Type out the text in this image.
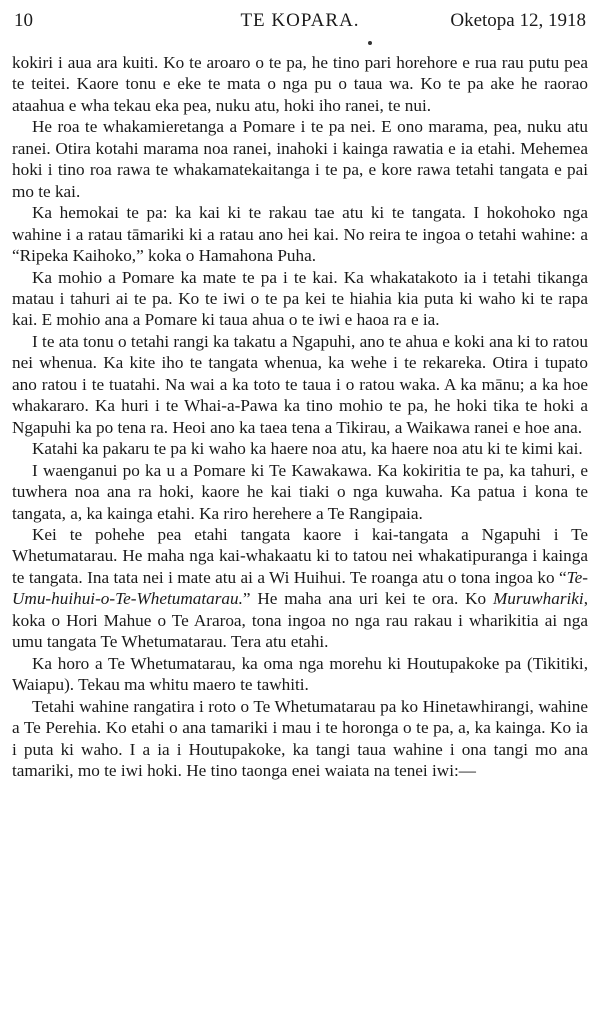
10	TE KOPARA.	Oketopa 12, 1918

kokiri i aua ara kuiti. Ko te aroaro o te pa, he tino pari horehore e rua rau putu pea te teitei. Kaore tonu e eke te mata o nga pu o taua wa. Ko te pa ake he raorao ataahua e wha tekau eka pea, nuku atu, hoki iho ranei, te nui.

He roa te whakamieretanga a Pomare i te pa nei. E ono marama, pea, nuku atu ranei. Otira kotahi marama noa ranei, inahoki i kainga rawatia e ia etahi. Mehemea hoki i tino roa rawa te whakamatekaitanga i te pa, e kore rawa tetahi tangata e pai mo te kai.

Ka hemokai te pa: ka kai ki te rakau tae atu ki te tangata. I hokohoko nga wahine i a ratau tāmariki ki a ratau ano hei kai. No reira te ingoa o tetahi wahine: a “Ripeka Kaihoko,” koka o Hamahona Puha.

Ka mohio a Pomare ka mate te pa i te kai. Ka whakatakoto ia i tetahi tikanga matau i tahuri ai te pa. Ko te iwi o te pa kei te hiahia kia puta ki waho ki te rapa kai. E mohio ana a Pomare ki taua ahua o te iwi e haoa ra e ia.

I te ata tonu o tetahi rangi ka takatu a Ngapuhi, ano te ahua e koki ana ki to ratou nei whenua. Ka kite iho te tangata whenua, ka wehe i te rekareka. Otira i tupato ano ratou i te tuatahi. Na wai a ka toto te taua i o ratou waka. A ka mānu; a ka hoe whakararo. Ka huri i te Whai-a-Pawa ka tino mohio te pa, he hoki tika te hoki a Ngapuhi ka po tena ra. Heoi ano ka taea tena a Tikirau, a Waikawa ranei e hoe ana.

Katahi ka pakaru te pa ki waho ka haere noa atu, ka haere noa atu ki te kimi kai.

I waenganui po ka u a Pomare ki Te Kawakawa. Ka kokiritia te pa, ka tahuri, e tuwhera noa ana ra hoki, kaore he kai tiaki o nga kuwaha. Ka patua i kona te tangata, a, ka kainga etahi. Ka riro herehere a Te Rangipaia.

Kei te pohehe pea etahi tangata kaore i kai-tangata a Ngapuhi i Te Whetumatarau. He maha nga kai-whakaatu ki to tatou nei whakatipuranga i kainga te tangata. Ina tata nei i mate atu ai a Wi Huihui. Te roanga atu o tona ingoa ko “Te-Umu-huihui-o-Te-Whetumatarau.” He maha ana uri kei te ora. Ko Muruwhariki, koka o Hori Mahue o Te Araroa, tona ingoa no nga rau rakau i wharikitia ai nga umu tangata Te Whetumatarau. Tera atu etahi.

Ka horo a Te Whetumatarau, ka oma nga morehu ki Houtupakoke pa (Tikitiki, Waiapu). Tekau ma whitu maero te tawhiti.

Tetahi wahine rangatira i roto o Te Whetumatarau pa ko Hinetawhirangi, wahine a Te Perehia. Ko etahi o ana tamariki i mau i te horonga o te pa, a, ka kainga. Ko ia i puta ki waho. I a ia i Houtupakoke, ka tangi taua wahine i ona tangi mo ana tamariki, mo te iwi hoki. He tino taonga enei waiata na tenei iwi:—
